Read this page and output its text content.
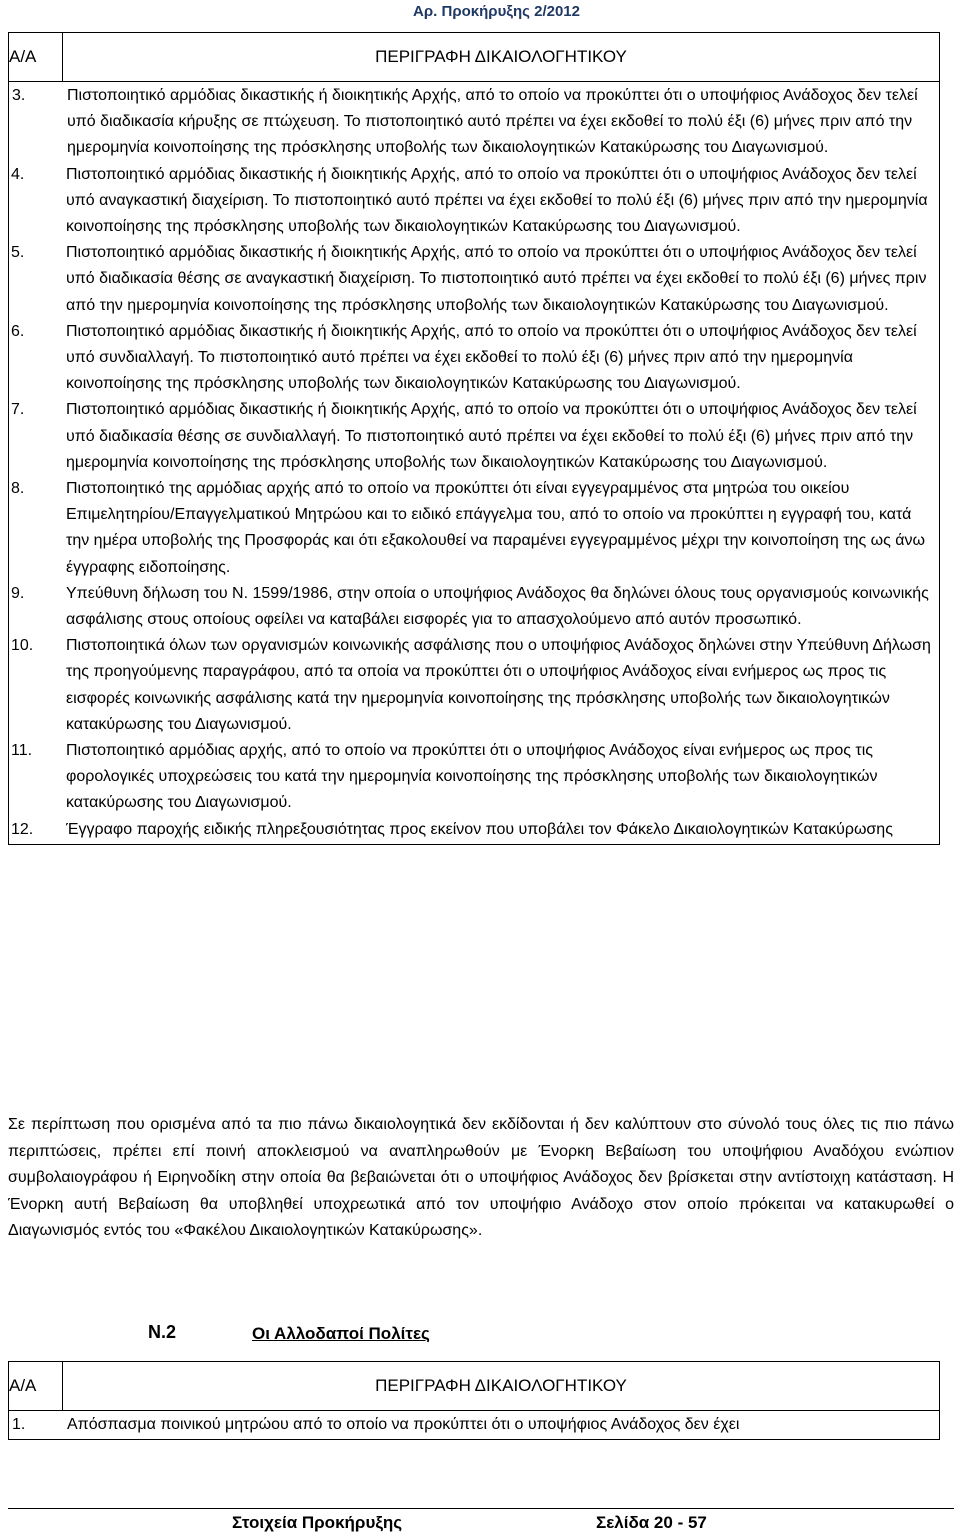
Αρ. Προκήρυξης 2/2012

Α/Α	ΠΕΡΙΓΡΑΦΗ ΔΙΚΑΙΟΛΟΓΗΤΙΚΟΥ

3.	Πιστοποιητικό αρμόδιας δικαστικής ή διοικητικής Αρχής, από το οποίο να προκύπτει ότι ο υποψήφιος Ανάδοχος δεν τελεί υπό διαδικασία κήρυξης σε πτώχευση. Το πιστοποιητικό αυτό πρέπει να έχει εκδοθεί το πολύ έξι (6) μήνες πριν από την ημερομηνία κοινοποίησης της πρόσκλησης υποβολής των δικαιολογητικών Κατακύρωσης του Διαγωνισμού.
4.	Πιστοποιητικό αρμόδιας δικαστικής ή διοικητικής Αρχής, από το οποίο να προκύπτει ότι ο υποψήφιος Ανάδοχος δεν τελεί υπό αναγκαστική διαχείριση. Το πιστοποιητικό αυτό πρέπει να έχει εκδοθεί το πολύ έξι (6) μήνες πριν από την ημερομηνία κοινοποίησης της πρόσκλησης υποβολής των δικαιολογητικών Κατακύρωσης του Διαγωνισμού.
5.	Πιστοποιητικό αρμόδιας δικαστικής ή διοικητικής Αρχής, από το οποίο να προκύπτει ότι ο υποψήφιος Ανάδοχος δεν τελεί υπό διαδικασία θέσης σε αναγκαστική διαχείριση. Το πιστοποιητικό αυτό πρέπει να έχει εκδοθεί το πολύ έξι (6) μήνες πριν από την ημερομηνία κοινοποίησης της πρόσκλησης υποβολής των δικαιολογητικών Κατακύρωσης του Διαγωνισμού.
6.	Πιστοποιητικό αρμόδιας δικαστικής ή διοικητικής Αρχής, από το οποίο να προκύπτει ότι ο υποψήφιος Ανάδοχος δεν τελεί υπό συνδιαλλαγή. Το πιστοποιητικό αυτό πρέπει να έχει εκδοθεί το πολύ έξι (6) μήνες πριν από την ημερομηνία κοινοποίησης της πρόσκλησης υποβολής των δικαιολογητικών Κατακύρωσης του Διαγωνισμού.
7.	Πιστοποιητικό αρμόδιας δικαστικής ή διοικητικής Αρχής, από το οποίο να προκύπτει ότι ο υποψήφιος Ανάδοχος δεν τελεί υπό διαδικασία θέσης σε συνδιαλλαγή. Το πιστοποιητικό αυτό πρέπει να έχει εκδοθεί το πολύ έξι (6) μήνες πριν από την ημερομηνία κοινοποίησης της πρόσκλησης υποβολής των δικαιολογητικών Κατακύρωσης του Διαγωνισμού.
8.	Πιστοποιητικό της αρμόδιας αρχής από το οποίο να προκύπτει ότι είναι εγγεγραμμένος στα μητρώα του οικείου Επιμελητηρίου/Επαγγελματικού Μητρώου και το ειδικό επάγγελμα του, από το οποίο να προκύπτει η εγγραφή του, κατά την ημέρα υποβολής της Προσφοράς και ότι εξακολουθεί να παραμένει εγγεγραμμένος μέχρι την κοινοποίηση της ως άνω έγγραφης ειδοποίησης.
9.	Υπεύθυνη δήλωση του Ν. 1599/1986, στην οποία ο υποψήφιος Ανάδοχος θα δηλώνει όλους τους οργανισμούς κοινωνικής ασφάλισης στους οποίους οφείλει να καταβάλει εισφορές για το απασχολούμενο από αυτόν προσωπικό.
10.	Πιστοποιητικά όλων των οργανισμών κοινωνικής ασφάλισης που ο υποψήφιος Ανάδοχος δηλώνει στην Υπεύθυνη Δήλωση της προηγούμενης παραγράφου, από τα οποία να προκύπτει ότι ο υποψήφιος Ανάδοχος είναι ενήμερος ως προς τις εισφορές κοινωνικής ασφάλισης κατά την ημερομηνία κοινοποίησης της πρόσκλησης υποβολής των δικαιολογητικών κατακύρωσης του Διαγωνισμού.
11.	Πιστοποιητικό αρμόδιας αρχής, από το οποίο να προκύπτει ότι ο υποψήφιος Ανάδοχος είναι ενήμερος ως προς τις φορολογικές υποχρεώσεις του κατά την ημερομηνία κοινοποίησης της πρόσκλησης υποβολής των δικαιολογητικών κατακύρωσης του Διαγωνισμού.
12.	Έγγραφο παροχής ειδικής πληρεξουσιότητας προς εκείνον που υποβάλει τον Φάκελο Δικαιολογητικών Κατακύρωσης

Σε περίπτωση που ορισμένα από τα πιο πάνω δικαιολογητικά δεν εκδίδονται ή δεν καλύπτουν στο σύνολό τους όλες τις πιο πάνω περιπτώσεις, πρέπει επί ποινή αποκλεισμού να αναπληρωθούν με Ένορκη Βεβαίωση του υποψήφιου Αναδόχου ενώπιον συμβολαιογράφου ή Ειρηνοδίκη στην οποία θα βεβαιώνεται ότι ο υποψήφιος Ανάδοχος δεν βρίσκεται στην αντίστοιχη κατάσταση. Η Ένορκη αυτή Βεβαίωση θα υποβληθεί υποχρεωτικά από τον υποψήφιο Ανάδοχο στον οποίο πρόκειται να κατακυρωθεί ο Διαγωνισμός εντός του «Φακέλου Δικαιολογητικών Κατακύρωσης».

Ν.2	Οι Αλλοδαποί Πολίτες

Α/Α	ΠΕΡΙΓΡΑΦΗ ΔΙΚΑΙΟΛΟΓΗΤΙΚΟΥ

1.	Απόσπασμα ποινικού μητρώου από το οποίο να προκύπτει ότι ο υποψήφιος Ανάδοχος δεν έχει
Στοιχεία Προκήρυξης	Σελίδα 20 - 57
